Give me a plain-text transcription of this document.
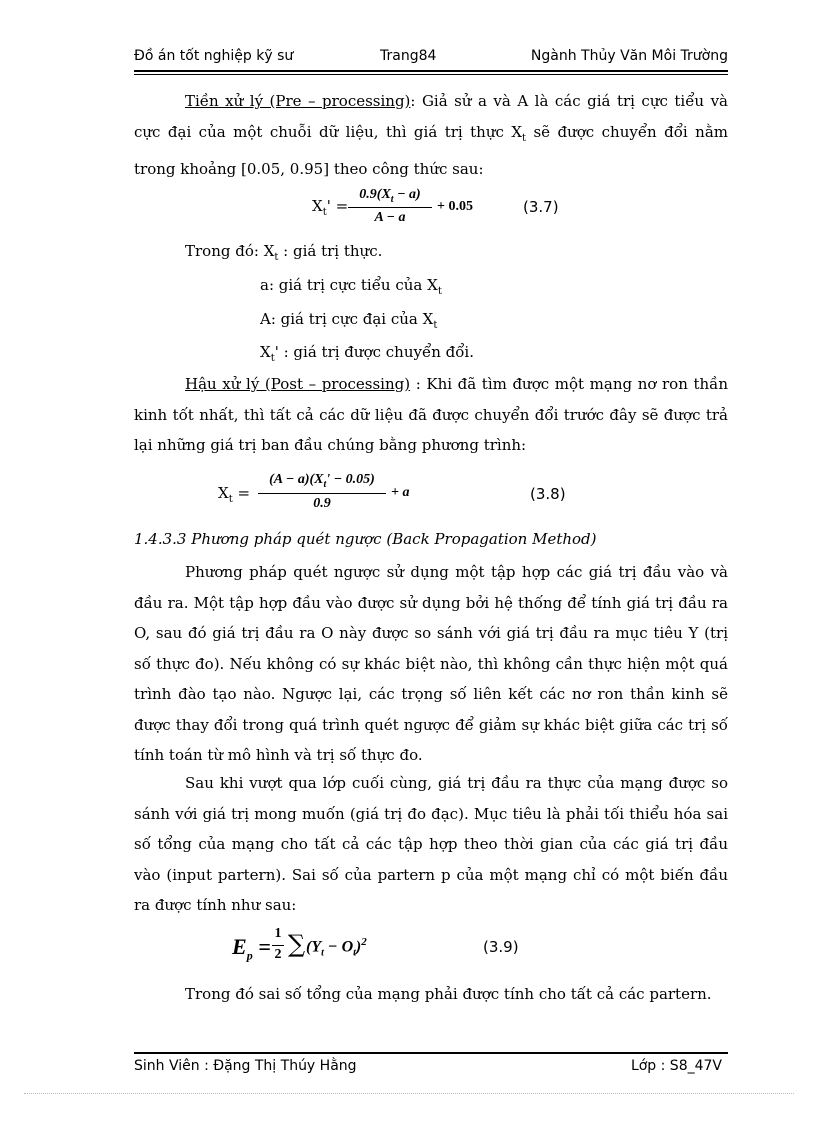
Đồ án tốt nghiệp kỹ sư	Trang84	Ngành Thủy Văn Môi Trường
Tiền xử lý (Pre – processing): Giả sử a và A là các giá trị cực tiểu và cực đại của một chuỗi dữ liệu, thì giá trị thực $X_t$ sẽ được chuyển đổi nằm trong khoảng [0.05, 0.95] theo công thức sau:
$X_t'$ =
$0.9(X_t - a)$
A − a
+ 0.05	(3.7)
Trong đó: $X_t$ : giá trị thực.
a: giá trị cực tiểu của $X_t$
A: giá trị cực đại của $X_t$
$X_t'$ : giá trị được chuyển đổi.
Hậu xử lý (Post – processing) : Khi đã tìm được một mạng nơ ron thần kinh tốt nhất, thì tất cả các dữ liệu đã được chuyển đổi trước đây sẽ được trả lại những giá trị ban đầu chúng bằng phương trình:
$X_t$ =
$(A - a)(X_t' - 0.05)$
0.9
+ a	(3.8)
1.4.3.3 Phương pháp quét ngược (Back Propagation Method)
Phương pháp quét ngược sử dụng một tập hợp các giá trị đầu vào và đầu ra. Một tập hợp đầu vào được sử dụng bởi hệ thống để tính giá trị đầu ra O, sau đó giá trị đầu ra O này được so sánh với giá trị đầu ra mục tiêu Y (trị số thực đo). Nếu không có sự khác biệt nào, thì không cần thực hiện một quá trình đào tạo nào. Ngược lại, các trọng số liên kết các nơ ron thần kinh sẽ được thay đổi trong quá trình quét ngược để giảm sự khác biệt giữa các trị số tính toán từ mô hình và trị số thực đo.
Sau khi vượt qua lớp cuối cùng, giá trị đầu ra thực của mạng được so sánh với giá trị mong muốn (giá trị đo đạc). Mục tiêu là phải tối thiểu hóa sai số tổng của mạng cho tất cả các tập hợp theo thời gian của các giá trị đầu vào (input partern). Sai số của partern p của một mạng chỉ có một biến đầu ra được tính như sau:
$E_p$ =
1
2 ∑ $(Y_t - O_t)^2$	(3.9)
Trong đó sai số tổng của mạng phải được tính cho tất cả các partern.
Sinh Viên : Đặng Thị Thúy Hằng	Lớp : S8_47V
